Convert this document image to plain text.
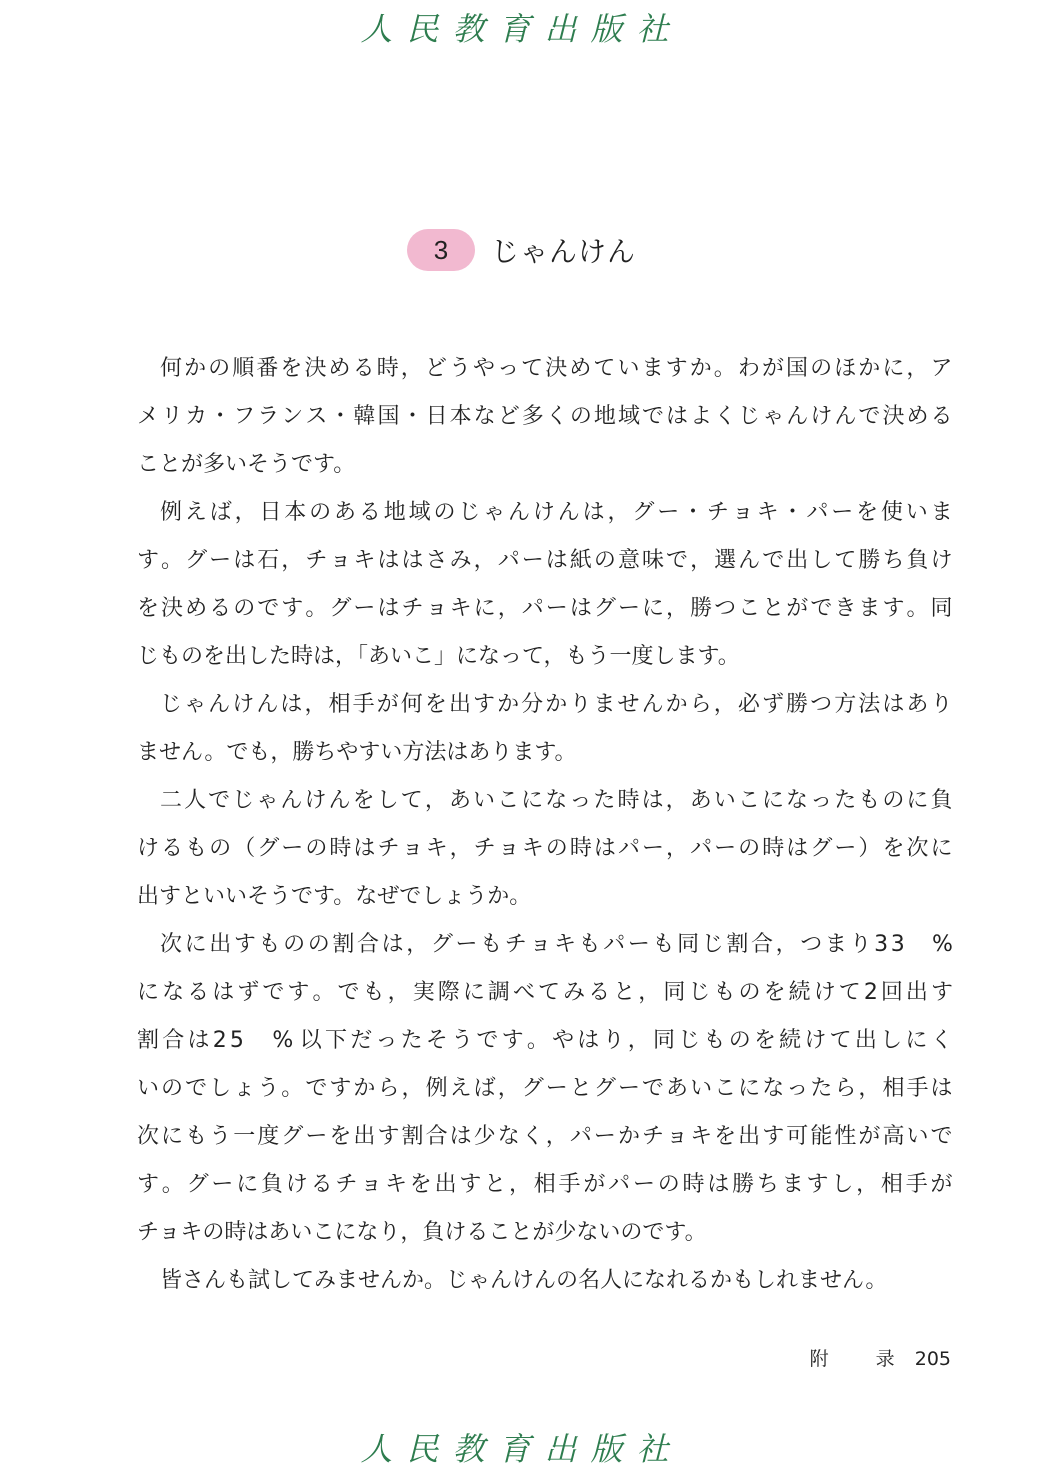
人民教育出版社
3	じゃんけん
何 か の 順 番 を 決 め る 時 ， ど う や っ て 決 め て い ま す か 。 わ が 国 の ほ か に ， ア
メ リ カ ・ フ ラ ン ス ・ 韓 国 ・ 日 本 な ど 多 く の 地 域 で は よ く じ ゃ ん け ん で 決 め る
ことが多いそうです。
例 え ば ， 日 本 の あ る 地 域 の じ ゃ ん け ん は ， グ ー ・ チ ョ キ ・ パ ー を 使 い ま
す 。 グ ー は 石 ， チ ョ キ は は さ み ， パ ー は 紙 の 意 味 で ， 選 ん で 出 し て 勝 ち 負 け
を 決 め る の で す 。 グ ー は チ ョ キ に ， パ ー は グ ー に ， 勝 つ こ と が で き ま す 。 同
じものを出した時は，「あいこ」になって，もう一度します。
じ ゃ ん け ん は ， 相 手 が 何 を 出 す か 分 か り ま せ ん か ら ， 必 ず 勝 つ 方 法 は あ り
ません。でも，勝ちやすい方法はあります。
二 人 で じ ゃ ん け ん を し て ， あ い こ に な っ た 時 は ， あ い こ に な っ た も の に 負
け る も の （ グ ー の 時 は チ ョ キ ， チ ョ キ の 時 は パ ー ， パ ー の 時 は グ ー ） を 次 に
出すといいそうです。なぜでしょうか。
次 に 出 す も の の 割 合 は ， グ ー も チ ョ キ も パ ー も 同 じ 割 合 ， つ ま り 3 3
　 %
に な る は ず で す 。 で も ， 実 際 に 調 べ て み る と ， 同 じ も の を 続 け て 2 回 出 す
割 合 は 2 5
　 % 以 下 だ っ た そ う で す 。 や は り ， 同 じ も の を 続 け て 出 し に く
い の で し ょ う 。 で す か ら ， 例 え ば ， グ ー と グ ー で あ い こ に な っ た ら ， 相 手 は
次 に も う 一 度 グ ー を 出 す 割 合 は 少 な く ， パ ー か チ ョ キ を 出 す 可 能 性 が 高 い で
す 。 グ ー に 負 け る チ ョ キ を 出 す と ， 相 手 が パ ー の 時 は 勝 ち ま す し ， 相 手 が
チョキの時はあいこになり，負けることが少ないのです。
皆さんも試してみませんか。じゃんけんの名人になれるかもしれません。
附　录 205
人民教育出版社
